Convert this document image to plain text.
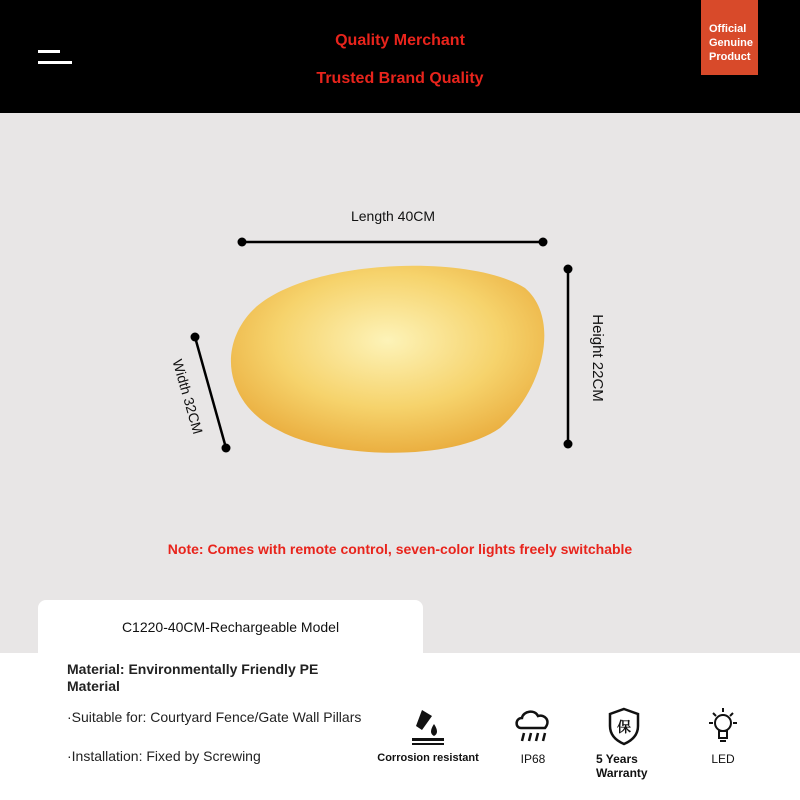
Quality Merchant
Trusted Brand Quality
Official
Genuine
Product
Length 40CM
Height 22CM
Width 32CM
Note: Comes with remote control, seven-color lights freely switchable
C1220-40CM-Rechargeable Model
Material: Environmentally Friendly PE Material
·Suitable for: Courtyard Fence/Gate Wall Pillars
·Installation: Fixed by Screwing	Corrosion resistant	IP68
保
5 Years Warranty
LED
